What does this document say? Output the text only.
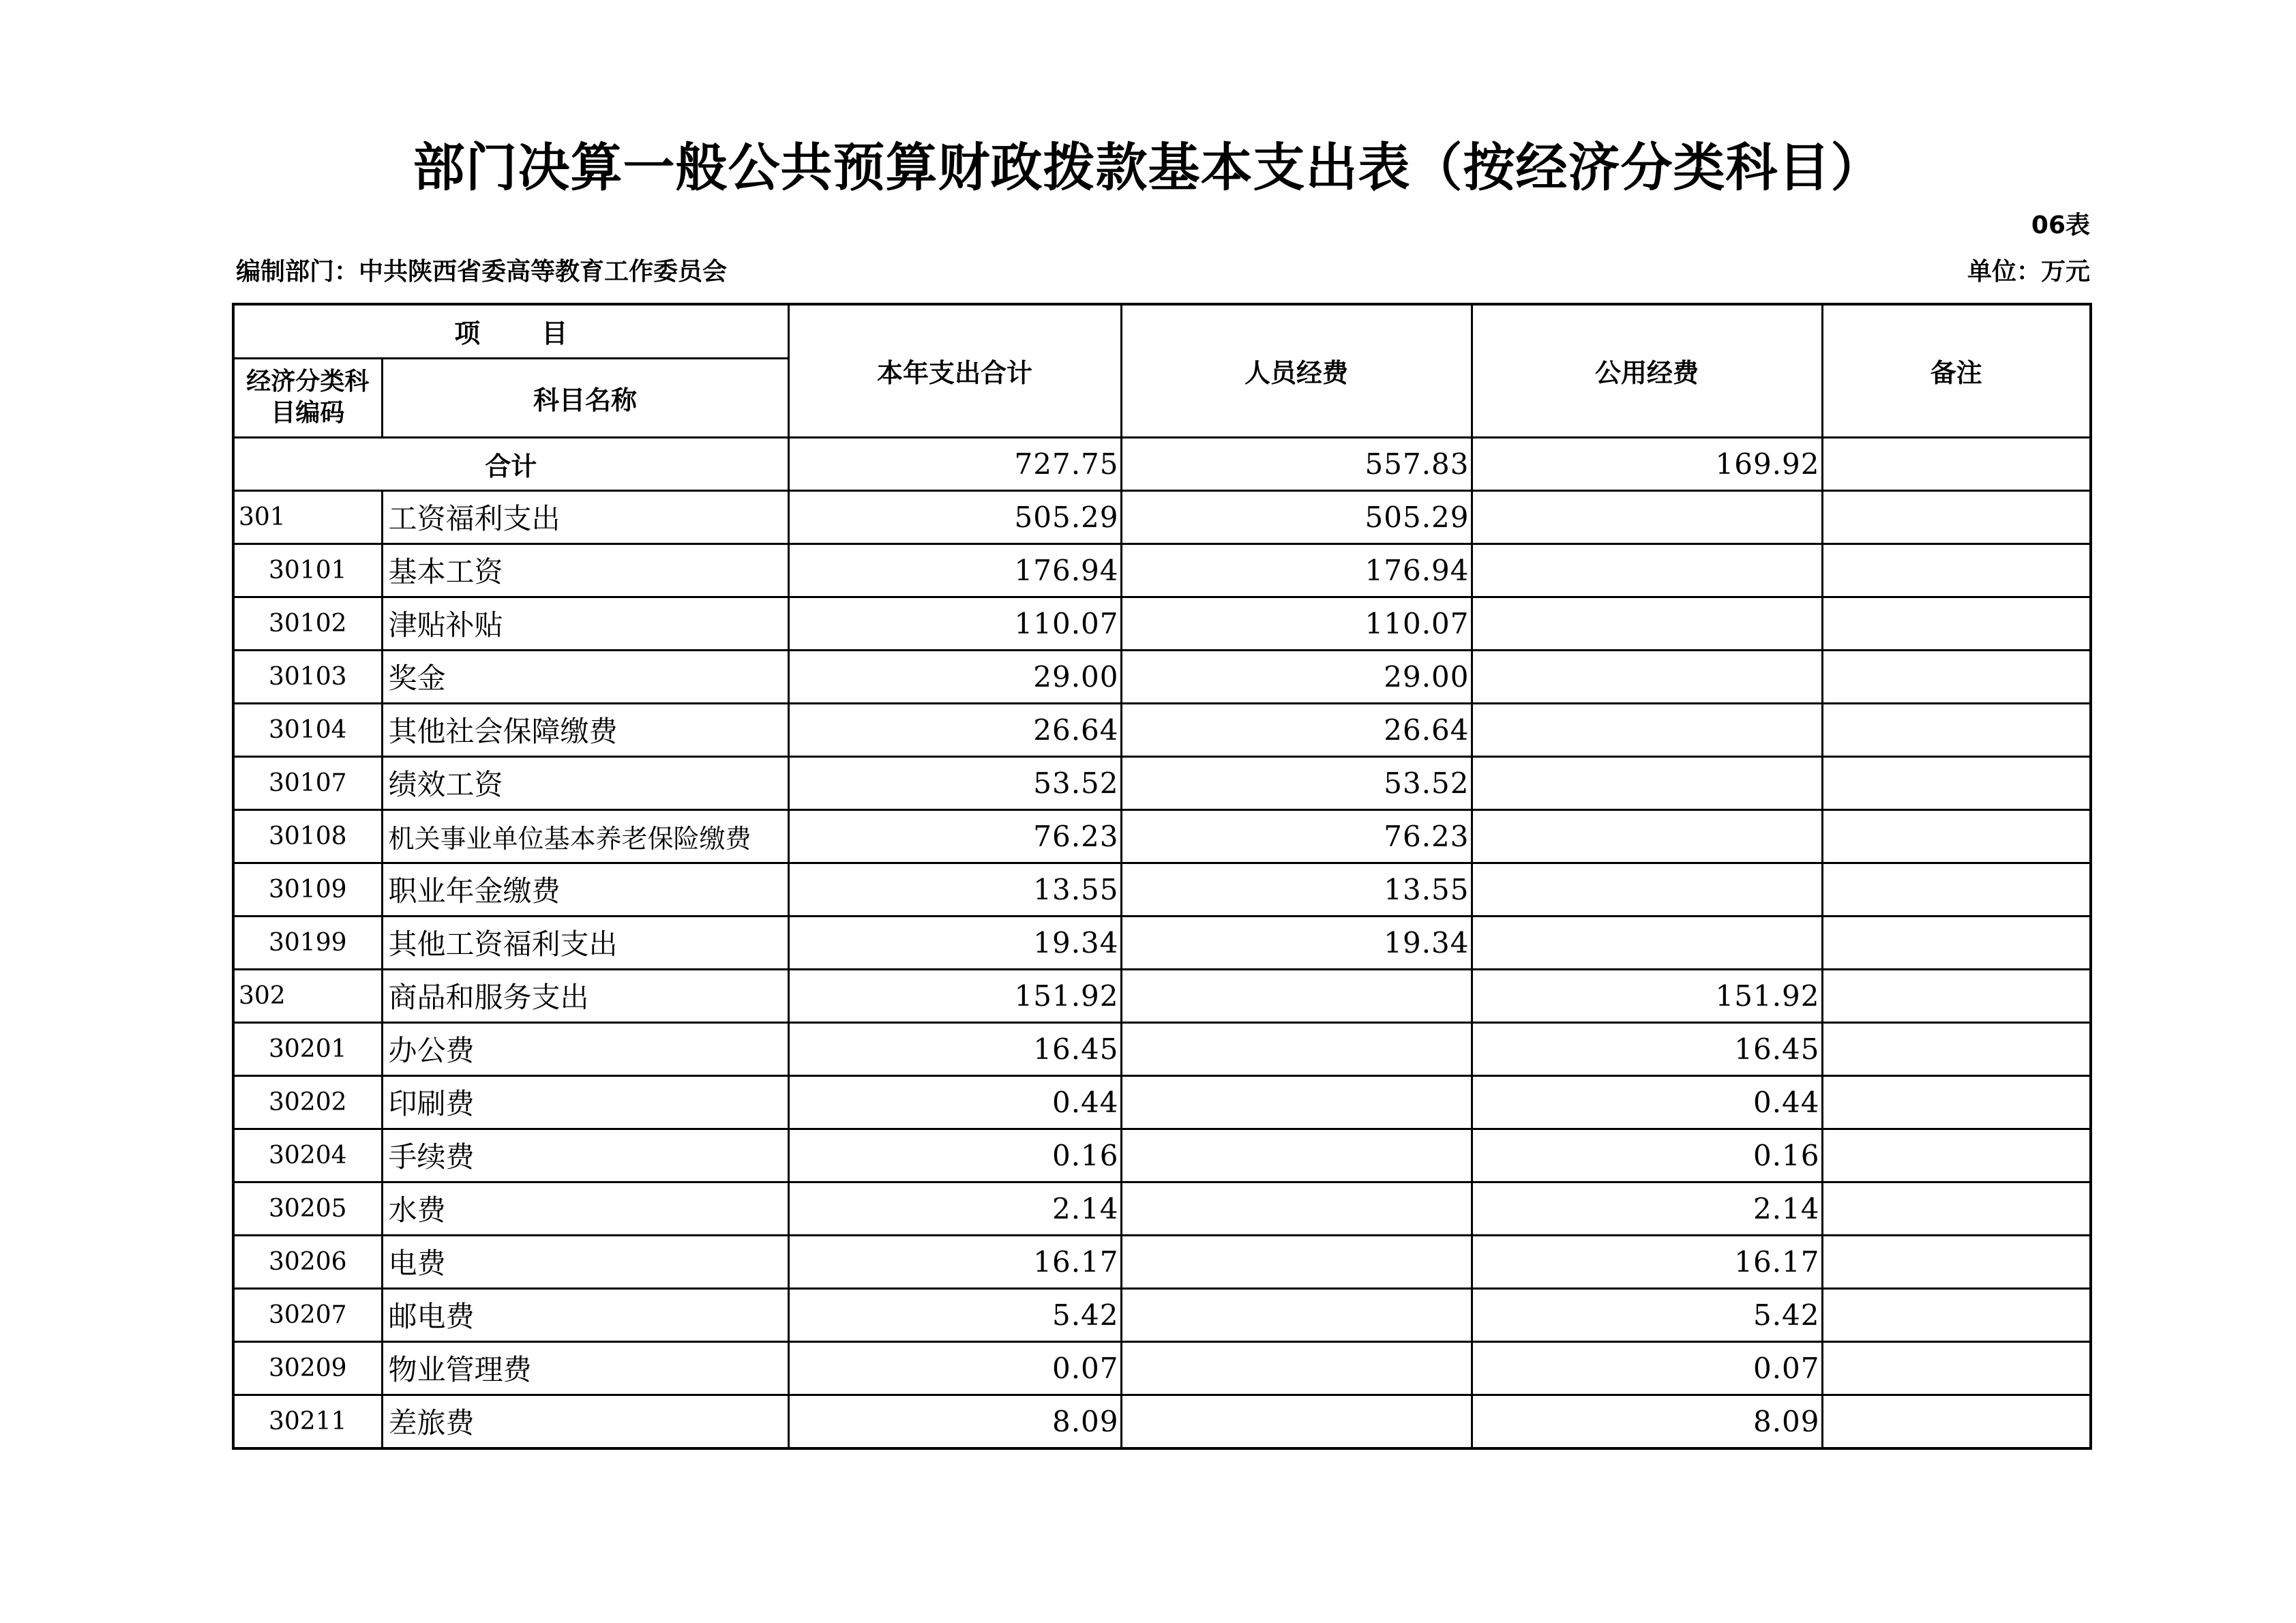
部门决算一般公共预算财政拨款基本支出表（按经济分类科目）
06表
编制部门：中共陕西省委高等教育工作委员会	单位：万元
项 目		本年支出合计	人员经费	公用经费	备注
经济分类科目编码	科目名称				
合计		727.75	557.83	169.92	
301	工资福利支出	505.29	505.29		
30101	基本工资	176.94	176.94		
30102	津贴补贴	110.07	110.07		
30103	奖金	29.00	29.00		
30104	其他社会保障缴费	26.64	26.64		
30107	绩效工资	53.52	53.52		
30108	机关事业单位基本养老保险缴费	76.23	76.23		
30109	职业年金缴费	13.55	13.55		
30199	其他工资福利支出	19.34	19.34		
302	商品和服务支出	151.92		151.92	
30201	办公费	16.45		16.45	
30202	印刷费	0.44		0.44	
30204	手续费	0.16		0.16	
30205	水费	2.14		2.14	
30206	电费	16.17		16.17	
30207	邮电费	5.42		5.42	
30209	物业管理费	0.07		0.07	
30211	差旅费	8.09		8.09	
